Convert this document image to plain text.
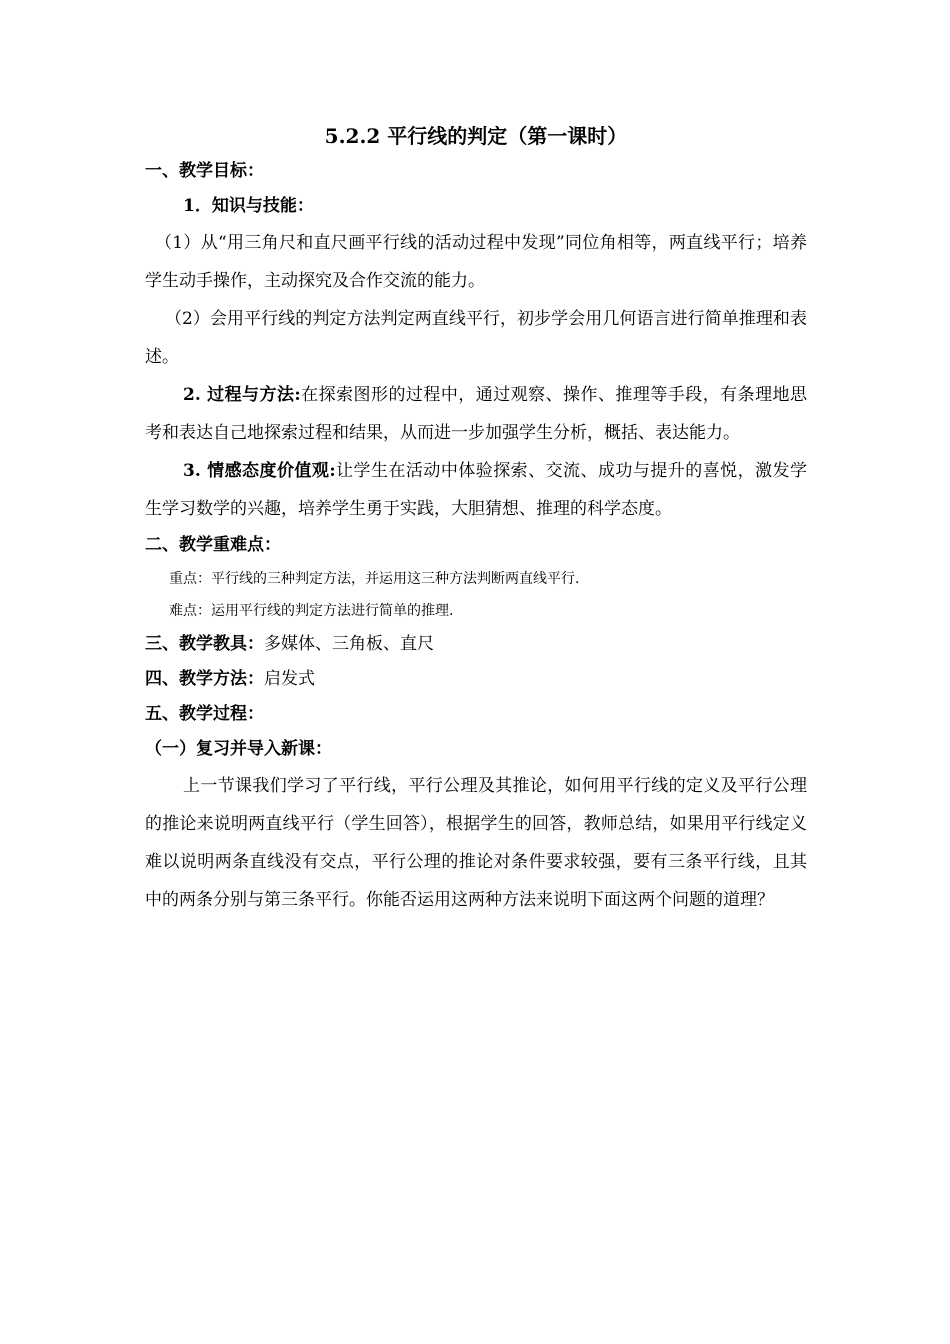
5.2.2 平行线的判定（第一课时）
一、教学目标：
1．知识与技能：

（1）从“用三角尺和直尺画平行线的活动过程中发现”同位角相等，两直线平行；培养学生动手操作，主动探究及合作交流的能力。

（2）会用平行线的判定方法判定两直线平行，初步学会用几何语言进行简单推理和表述。

2. 过程与方法:在探索图形的过程中，通过观察、操作、推理等手段，有条理地思考和表达自己地探索过程和结果，从而进一步加强学生分析，概括、表达能力。

3. 情感态度价值观:让学生在活动中体验探索、交流、成功与提升的喜悦，激发学生学习数学的兴趣，培养学生勇于实践，大胆猜想、推理的科学态度。

二、教学重难点：

重点：平行线的三种判定方法，并运用这三种方法判断两直线平行.

难点：运用平行线的判定方法进行简单的推理.

三、教学教具：多媒体、三角板、直尺
四、教学方法：启发式
五、教学过程：
（一）复习并导入新课：

上一节课我们学习了平行线，平行公理及其推论，如何用平行线的定义及平行公理的推论来说明两直线平行（学生回答），根据学生的回答，教师总结，如果用平行线定义难以说明两条直线没有交点，平行公理的推论对条件要求较强，要有三条平行线，且其中的两条分别与第三条平行。你能否运用这两种方法来说明下面这两个问题的道理？
